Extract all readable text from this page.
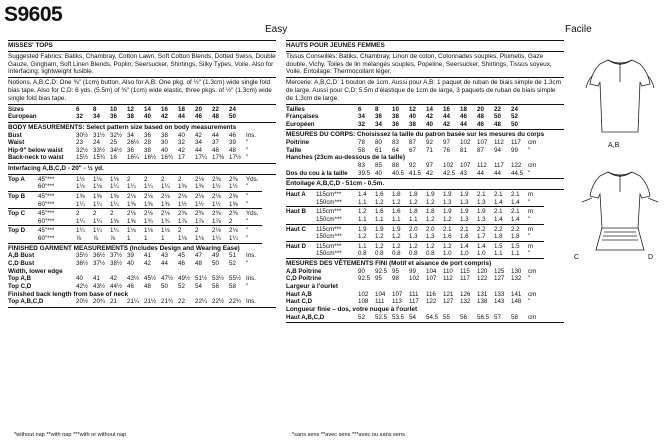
S9605
Easy	Facile

MISSES' TOPS

Suggested Fabrics: Batiks, Chambray, Cotton Lawn, Soft Cotton Blends, Dotted Swiss, Double Gauze, Gingham, Soft Linen Blends, Poplin, Seersucker, Shirtings, Silky Types, Voile. Also for Interfacing: lightweight fusible.

Notions, A,B,C,D: One ⅜" (1cm) button. Also for A,B: One pkg. of ½" (1.3cm) wide single fold bias tape. Also for C,D: 6 yds. (5.5m) of ⅜" (1cm) wide elastic, three pkgs. of ½" (1.3cm) wide single fold bias tape.

Sizes	6	8	10	12	14	16	18	20	22	24
European	32	34	36	38	40	42	44	46	48	50

BODY MEASUREMENTS: Select pattern size based on body measurements

Bust	30½	31½	32½	34	36	38	40	42	44	46	Ins.
Waist	23	24	25	26½	28	30	32	34	37	39	"
Hip-9" below waist	32½	33½	34½	36	38	40	42	44	46	48	"
Back-neck to waist	15½	15¾	16	16¼	16½	16¾	17	17¼	17⅜	17½	"

Interfacing A,B,C,D - 20" - ½ yd.

Top A	45"***	1½	1⅛	1⅛	2	2	2	2	2⅛	2⅜	2⅜	Yds.
	60"***	1⅛	1⅛	1¼	1¼	1¼	1¼	1⅜	1⅜	1½	1½	"

Top B	45"***	1⅝	1⅝	1⅝	2⅛	2⅛	2⅛	2⅛	2⅛	2⅛	2⅝	"
	60"***	1¼	1¼	1¼	1⅜	1⅜	1⅜	1½	1½	1½	1⅝	"

Top C	45"***	2	2	2	2⅛	2⅛	2⅛	2⅜	2⅜	2⅜	2⅜	Yds.
	60"***	1¼	1¼	1⅝	1⅝	1¾	1¾	1⅞	1⅞	1⅞	2	"

Top D	45"***	1¼	1¼	1¼	1⅛	1⅛	1⅛	2	2	2⅛	2⅛	"
	60"***	⅞	⅞	⅞	1	1	1	1⅛	1⅛	1¼	1¼	"

FINISHED GARMENT MEASUREMENTS (Includes Design and Wearing Ease)

A,B Bust	35½	36½	37½	39	41	43	45	47	49	51	Ins.
C,D Bust	36½	37½	38½	40	42	44	46	48	50	52	"

Width, lower edge

Top A,B	40	41	42	43½	45½	47½	49½	51½	53½	55½	Ins.
Top C,D	42½	43½	44½	46	48	50	52	54	56	58	"

Finished back length from base of neck

Top A,B,C,D	20½	20¾	21	21¼	21½	21¾	22	22¼	22½	22¾	Ins.

HAUTS POUR JEUNES FEMMES

Tissus Conseillés: Batiks, Chambray, Linon de coton, Cotonnades souples, Plumetis, Gaze double, Vichy, Toiles de lin mélangés souples, Popeline, Seersucker, Shirtings, Tissus soyeux, Voile. Entoilage: Thermocollant léger.

Mercerie: A,B,C,D: 1 bouton de 1cm. Aussi pour A,B: 1 paquet de ruban de biais simple de 1.3cm de large. Aussi pour C,D: 5.5m d'élastique de 1cm de large, 3 paquets de ruban de biais simple de 1.3cm de large.

Tailles	6	8	10	12	14	16	18	20	22	24
Françaises	34	36	38	40	42	44	46	48	50	52
Européen	32	34	36	38	40	42	44	46	48	50

MESURES DU CORPS: Choisissez la taille du patron basée sur les mesures du corps

Poitrine	78	80	83	87	92	97	102	107	112	117	cm
Taille	58	61	64	67	71	76	81	87	94	99	"

Hanches (23cm au-dessous de la taille)

	83	85	88	92	97	102	107	112	117	122	cm
Dos du cou à la taille	39.5	40	40.5	41.5	42	42.5	43	44	44	44.5	"

Entoilage A,B,C,D - 51cm - 0.5m.

Haut A	115cm***	1.4	1.6	1.8	1.8	1.9	1.9	1.9	2.1	2.1	2.1	m
	150cm***	1.1	1.2	1.2	1.2	1.2	1.3	1.3	1.3	1.4	1.4	"

Haut B	115cm***	1.2	1.6	1.6	1.8	1.8	1.9	1.9	1.9	2.1	2.1	m
	150cm***	1.1	1.1	1.1	1.1	1.2	1.2	1.3	1.3	1.4	1.4	"

Haut C	115cm***	1.9	1.9	1.9	2.0	2.0	2.1	2.1	2.2	2.2	2.2	m
	150cm***	1.2	1.2	1.2	1.3	1.3	1.6	1.6	1.7	1.8	1.8	"

Haut D	115cm***	1.1	1.2	1.2	1.2	1.2	1.2	1.4	1.4	1.5	1.5	m
	150cm***	0.8	0.8	0.8	0.8	0.8	1.0	1.0	1.0	1.1	1.1	"

MESURES DES VÊTEMENTS FINI (Motif et aisance de port compris)

A,B Poitrine	90	92.5	95	99	104	110	115	120	125	130	cm
C,D Poitrine	92.5	95	98	102	107	112	117	122	127	132	"

Largeur à l'ourlet

Haut A,B	102	104	107	111	116	121	126	131	133	141	cm
Haut C,D	108	111	113	117	122	127	132	138	143	148	"

Longueur finie – dos, votre nuque à l'ourlet

Haut A,B,C,D	52	52.5	53.5	54	54.5	55	56	56.5	57	58	cm
*without nap **with nap ***with or without nap	*sans sens **avec sens ***avec ou sans sens
A,B
C	D
